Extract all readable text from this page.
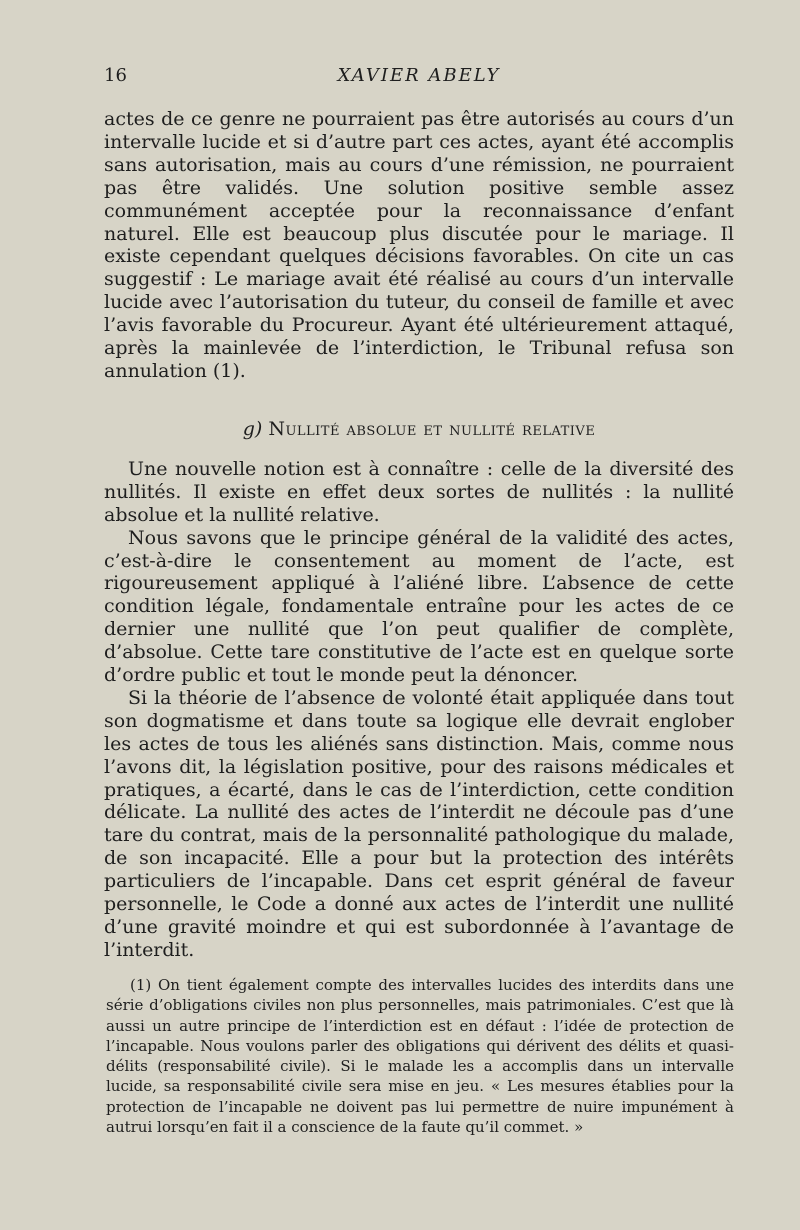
16	XAVIER ABELY

actes de ce genre ne pourraient pas être autorisés au cours d’un intervalle lucide et si d’autre part ces actes, ayant été accomplis sans autorisation, mais au cours d’une rémission, ne pourraient pas être validés. Une solution positive semble assez communément acceptée pour la reconnaissance d’enfant naturel. Elle est beaucoup plus discutée pour le mariage. Il existe cependant quelques décisions favorables. On cite un cas suggestif : Le mariage avait été réalisé au cours d’un intervalle lucide avec l’autorisation du tuteur, du conseil de famille et avec l’avis favorable du Procureur. Ayant été ultérieurement attaqué, après la mainlevée de l’interdiction, le Tribunal refusa son annulation (1).

g) Nullité absolue et nullité relative

Une nouvelle notion est à connaître : celle de la diversité des nullités. Il existe en effet deux sortes de nullités : la nullité absolue et la nullité relative.

Nous savons que le principe général de la validité des actes, c’est-à-dire le consentement au moment de l’acte, est rigoureusement appliqué à l’aliéné libre. L’absence de cette condition légale, fondamentale entraîne pour les actes de ce dernier une nullité que l’on peut qualifier de complète, d’absolue. Cette tare constitutive de l’acte est en quelque sorte d’ordre public et tout le monde peut la dénoncer.

Si la théorie de l’absence de volonté était appliquée dans tout son dogmatisme et dans toute sa logique elle devrait englober les actes de tous les aliénés sans distinction. Mais, comme nous l’avons dit, la législation positive, pour des raisons médicales et pratiques, a écarté, dans le cas de l’interdiction, cette condition délicate. La nullité des actes de l’interdit ne découle pas d’une tare du contrat, mais de la personnalité pathologique du malade, de son incapacité. Elle a pour but la protection des intérêts particuliers de l’incapable. Dans cet esprit général de faveur personnelle, le Code a donné aux actes de l’interdit une nullité d’une gravité moindre et qui est subordonnée à l’avantage de l’interdit.

(1) On tient également compte des intervalles lucides des interdits dans une série d’obligations civiles non plus personnelles, mais patrimoniales. C’est que là aussi un autre principe de l’interdiction est en défaut : l’idée de protection de l’incapable. Nous voulons parler des obligations qui dérivent des délits et quasi-délits (responsabilité civile). Si le malade les a accomplis dans un intervalle lucide, sa responsabilité civile sera mise en jeu. « Les mesures établies pour la protection de l’incapable ne doivent pas lui permettre de nuire impunément à autrui lorsqu’en fait il a conscience de la faute qu’il commet. »
